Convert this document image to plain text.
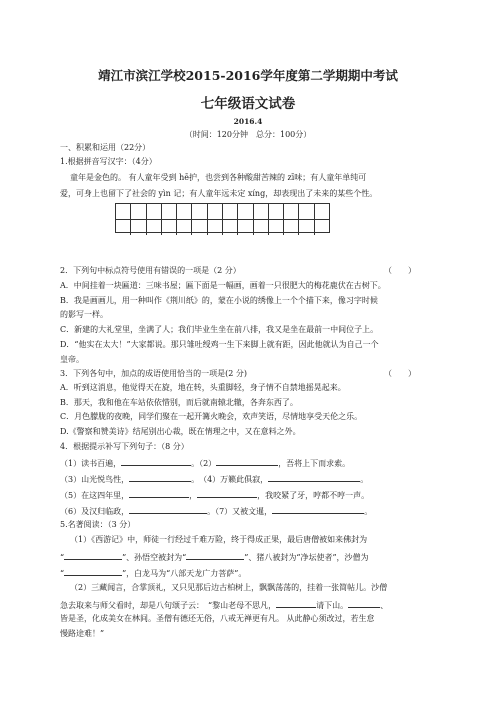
靖江市滨江学校2015-2016学年度第二学期期中考试
七年级语文试卷
2016.4
（时间：120分钟　总分：100分）
一、积累和运用（22分）
1.根据拼音写汉字：（4分）
童年是金色的。 有人童年受到 hē护，也尝到各种酸甜苦辣的 zī味；有人童年单纯可
爱，可身上也留下了社会的 yìn 记；有人童年远未定 xíng，却表现出了未来的某些个性。
2．下列句中标点符号使用有错误的一项是（2 分）	（　　）
A．中间挂着一块匾道：三味书屋；匾下面是一幅画，画着一只很肥大的梅花鹿伏在古树下。
B．我是画画儿，用一种叫作《荆川纸》的，蒙在小说的绣像上一个个描下来，像习字时候
的影写一样。
C．新建的大礼堂里，坐满了人；我们毕业生坐在前八排，我又是坐在最前一中间位子上。
D．“他实在太大！”大家都说。那只雏吐绶鸡一生下来脚上就有距，因此他就认为自己一个
皇帝。
3．下列各句中，加点的成语使用恰当的一项是(2 分)	（　　）
A．听到这消息，他觉得天在旋，地在转，头重脚轻，身子情不自禁地摇晃起来。
B．那天，我和他在车站依依惜别，而后就南辕北辙，各奔东西了。
C．月色朦胧的夜晚，同学们聚在一起开篝火晚会，欢声笑语，尽情地享受天伦之乐。
D.《警察和赞美诗》结尾别出心裁，既在情理之中，又在意料之外。
4．根据提示补写下列句子：（8 分）
（1）读书百遍，	。（2）	，吾将上下而求索。
（3）山光悦鸟性，	。　（4）万籁此俱寂，	。
（5）在这四年里，	，	，我咬紧了牙，哼都不哼一声。
（6）及汉归临政，	。（7）又被文暹，	。
5.名著阅读：（3 分）
（1）《西游记》中，师徒一行经过千难万险，终于得成正果，最后唐僧被如来佛封为
“	”、孙悟空被封为“	”、猪八被封为“净坛使者”，沙僧为
“	”，白龙马为“八部天龙广力菩萨”。
（2）三藏闻言，合掌顶礼，又只见那后边古柏树上，飘飘荡荡的，挂着一张简帖儿。沙僧
急去取来与师父看时，却是八句颂子云：　“黎山老母不思凡，	请下山。	、
皆是圣，化成美女在林间。圣僧有德还无俗，八戒无禅更有凡。 从此静心须改过，若生怠
慢路途难！”
